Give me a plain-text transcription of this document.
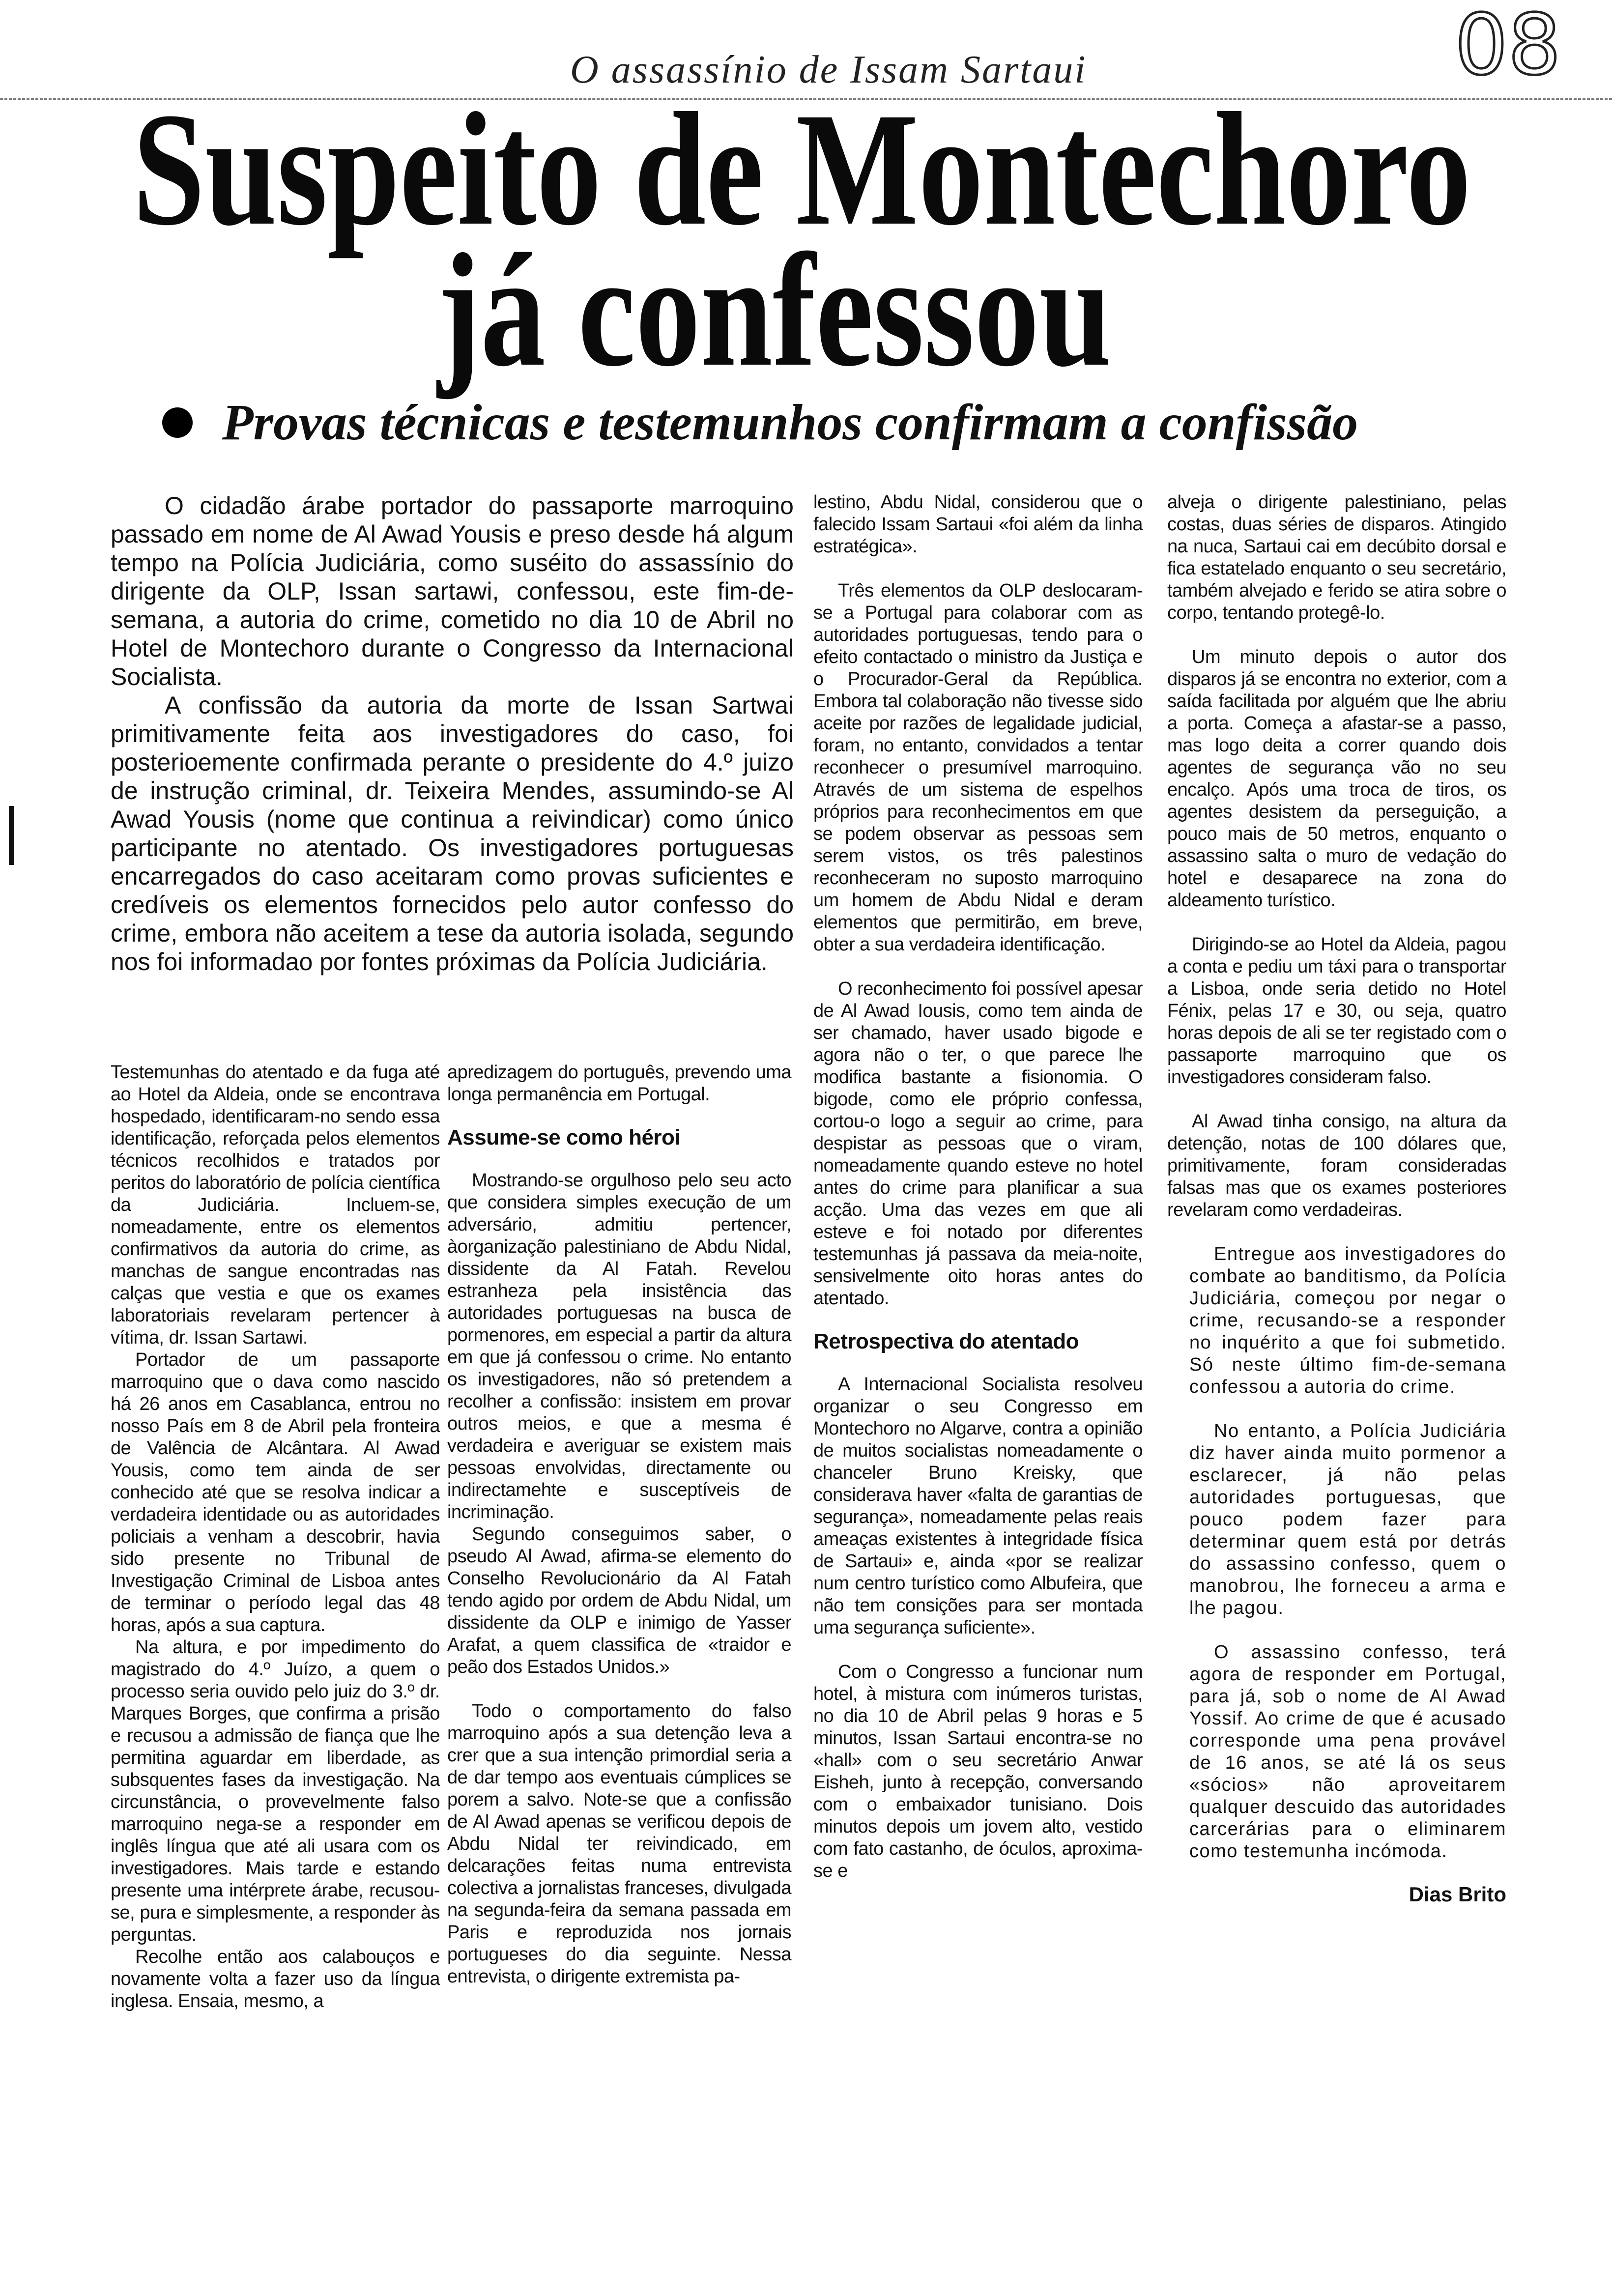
O assassínio de Issam Sartaui	08
Suspeito de Montechoro
já confessou
Provas técnicas e testemunhos confirmam a confissão

O cidadão árabe portador do passaporte marroquino passado em nome de Al Awad Yousis e preso desde há algum tempo na Polícia Judiciária, como suséito do assassínio do dirigente da OLP, Issan sartawi, confessou, este fim-de-semana, a autoria do crime, cometido no dia 10 de Abril no Hotel de Montechoro durante o Congresso da Internacional Socialista.

A confissão da autoria da morte de Issan Sartwai primitivamente feita aos investigadores do caso, foi posterioemente confirmada perante o presidente do 4.º juizo de instrução criminal, dr. Teixeira Mendes, assumindo-se Al Awad Yousis (nome que continua a reivindicar) como único participante no atentado. Os investigadores portuguesas encarregados do caso aceitaram como provas suficientes e credíveis os elementos fornecidos pelo autor confesso do crime, embora não aceitem a tese da autoria isolada, segundo nos foi informadao por fontes próximas da Polícia Judiciária.

Testemunhas do atentado e da fuga até ao Hotel da Aldeia, onde se encontrava hospedado, identificaram-no sendo essa identificação, reforçada pelos elementos técnicos recolhidos e tratados por peritos do laboratório de polícia científica da Judiciária. Incluem-se, nomeadamente, entre os elementos confirmativos da autoria do crime, as manchas de sangue encontradas nas calças que vestia e que os exames laboratoriais revelaram pertencer à vítima, dr. Issan Sartawi.

Portador de um passaporte marroquino que o dava como nascido há 26 anos em Casablanca, entrou no nosso País em 8 de Abril pela fronteira de Valência de Alcântara. Al Awad Yousis, como tem ainda de ser conhecido até que se resolva indicar a verdadeira identidade ou as autoridades policiais a venham a descobrir, havia sido presente no Tribunal de Investigação Criminal de Lisboa antes de terminar o período legal das 48 horas, após a sua captura.

Na altura, e por impedimento do magistrado do 4.º Juízo, a quem o processo seria ouvido pelo juiz do 3.º dr. Marques Borges, que confirma a prisão e recusou a admissão de fiança que lhe permitina aguardar em liberdade, as subsquentes fases da investigação. Na circunstância, o provevelmente falso marroquino nega-se a responder em inglês língua que até ali usara com os investigadores. Mais tarde e estando presente uma intérprete árabe, recusou-se, pura e simplesmente, a responder às perguntas.

Recolhe então aos calabouços e novamente volta a fazer uso da língua inglesa. Ensaia, mesmo, a

apredizagem do português, prevendo uma longa permanência em Portugal.

Assume-se como héroi

Mostrando-se orgulhoso pelo seu acto que considera simples execução de um adversário, admitiu pertencer, àorganização palestiniano de Abdu Nidal, dissidente da Al Fatah. Revelou estranheza pela insistência das autoridades portuguesas na busca de pormenores, em especial a partir da altura em que já confessou o crime. No entanto os investigadores, não só pretendem a recolher a confissão: insistem em provar outros meios, e que a mesma é verdadeira e averiguar se existem mais pessoas envolvidas, directamente ou indirectamehte e susceptíveis de incriminação.

Segundo conseguimos saber, o pseudo Al Awad, afirma-se elemento do Conselho Revolucionário da Al Fatah tendo agido por ordem de Abdu Nidal, um dissidente da OLP e inimigo de Yasser Arafat, a quem classifica de «traidor e peão dos Estados Unidos.»

Todo o comportamento do falso marroquino após a sua detenção leva a crer que a sua intenção primordial seria a de dar tempo aos eventuais cúmplices se porem a salvo. Note-se que a confissão de Al Awad apenas se verificou depois de Abdu Nidal ter reivindicado, em delcarações feitas numa entrevista colectiva a jornalistas franceses, divulgada na segunda-feira da semana passada em Paris e reproduzida nos jornais portugueses do dia seguinte. Nessa entrevista, o dirigente extremista pa-

lestino, Abdu Nidal, considerou que o falecido Issam Sartaui «foi além da linha estratégica».

Três elementos da OLP deslocaram-se a Portugal para colaborar com as autoridades portuguesas, tendo para o efeito contactado o ministro da Justiça e o Procurador-Geral da República. Embora tal colaboração não tivesse sido aceite por razões de legalidade judicial, foram, no entanto, convidados a tentar reconhecer o presumível marroquino. Através de um sistema de espelhos próprios para reconhecimentos em que se podem observar as pessoas sem serem vistos, os três palestinos reconheceram no suposto marroquino um homem de Abdu Nidal e deram elementos que permitirão, em breve, obter a sua verdadeira identificação.

O reconhecimento foi possível apesar de Al Awad Iousis, como tem ainda de ser chamado, haver usado bigode e agora não o ter, o que parece lhe modifica bastante a fisionomia. O bigode, como ele próprio confessa, cortou-o logo a seguir ao crime, para despistar as pessoas que o viram, nomeadamente quando esteve no hotel antes do crime para planificar a sua acção. Uma das vezes em que ali esteve e foi notado por diferentes testemunhas já passava da meia-noite, sensivelmente oito horas antes do atentado.

Retrospectiva do atentado

A Internacional Socialista resolveu organizar o seu Congresso em Montechoro no Algarve, contra a opinião de muitos socialistas nomeadamente o chanceler Bruno Kreisky, que considerava haver «falta de garantias de segurança», nomeadamente pelas reais ameaças existentes à integridade física de Sartaui» e, ainda «por se realizar num centro turístico como Albufeira, que não tem consições para ser montada uma segurança suficiente».

Com o Congresso a funcionar num hotel, à mistura com inúmeros turistas, no dia 10 de Abril pelas 9 horas e 5 minutos, Issan Sartaui encontra-se no «hall» com o seu secretário Anwar Eisheh, junto à recepção, conversando com o embaixador tunisiano. Dois minutos depois um jovem alto, vestido com fato castanho, de óculos, aproxima-se e

alveja o dirigente palestiniano, pelas costas, duas séries de disparos. Atingido na nuca, Sartaui cai em decúbito dorsal e fica estatelado enquanto o seu secretário, também alvejado e ferido se atira sobre o corpo, tentando protegê-lo.

Um minuto depois o autor dos disparos já se encontra no exterior, com a saída facilitada por alguém que lhe abriu a porta. Começa a afastar-se a passo, mas logo deita a correr quando dois agentes de segurança vão no seu encalço. Após uma troca de tiros, os agentes desistem da perseguição, a pouco mais de 50 metros, enquanto o assassino salta o muro de vedação do hotel e desaparece na zona do aldeamento turístico.

Dirigindo-se ao Hotel da Aldeia, pagou a conta e pediu um táxi para o transportar a Lisboa, onde seria detido no Hotel Fénix, pelas 17 e 30, ou seja, quatro horas depois de ali se ter registado com o passaporte marroquino que os investigadores consideram falso.

Al Awad tinha consigo, na altura da detenção, notas de 100 dólares que, primitivamente, foram consideradas falsas mas que os exames posteriores revelaram como verdadeiras.

Entregue aos investigadores do combate ao banditismo, da Polícia Judiciária, começou por negar o crime, recusando-se a responder no inquérito a que foi submetido. Só neste último fim-de-semana confessou a autoria do crime.

No entanto, a Polícia Judiciária diz haver ainda muito pormenor a esclarecer, já não pelas autoridades portuguesas, que pouco podem fazer para determinar quem está por detrás do assassino confesso, quem o manobrou, lhe forneceu a arma e lhe pagou.

O assassino confesso, terá agora de responder em Portugal, para já, sob o nome de Al Awad Yossif. Ao crime de que é acusado corresponde uma pena provável de 16 anos, se até lá os seus «sócios» não aproveitarem qualquer descuido das autoridades carcerárias para o eliminarem como testemunha incómoda.

Dias Brito
